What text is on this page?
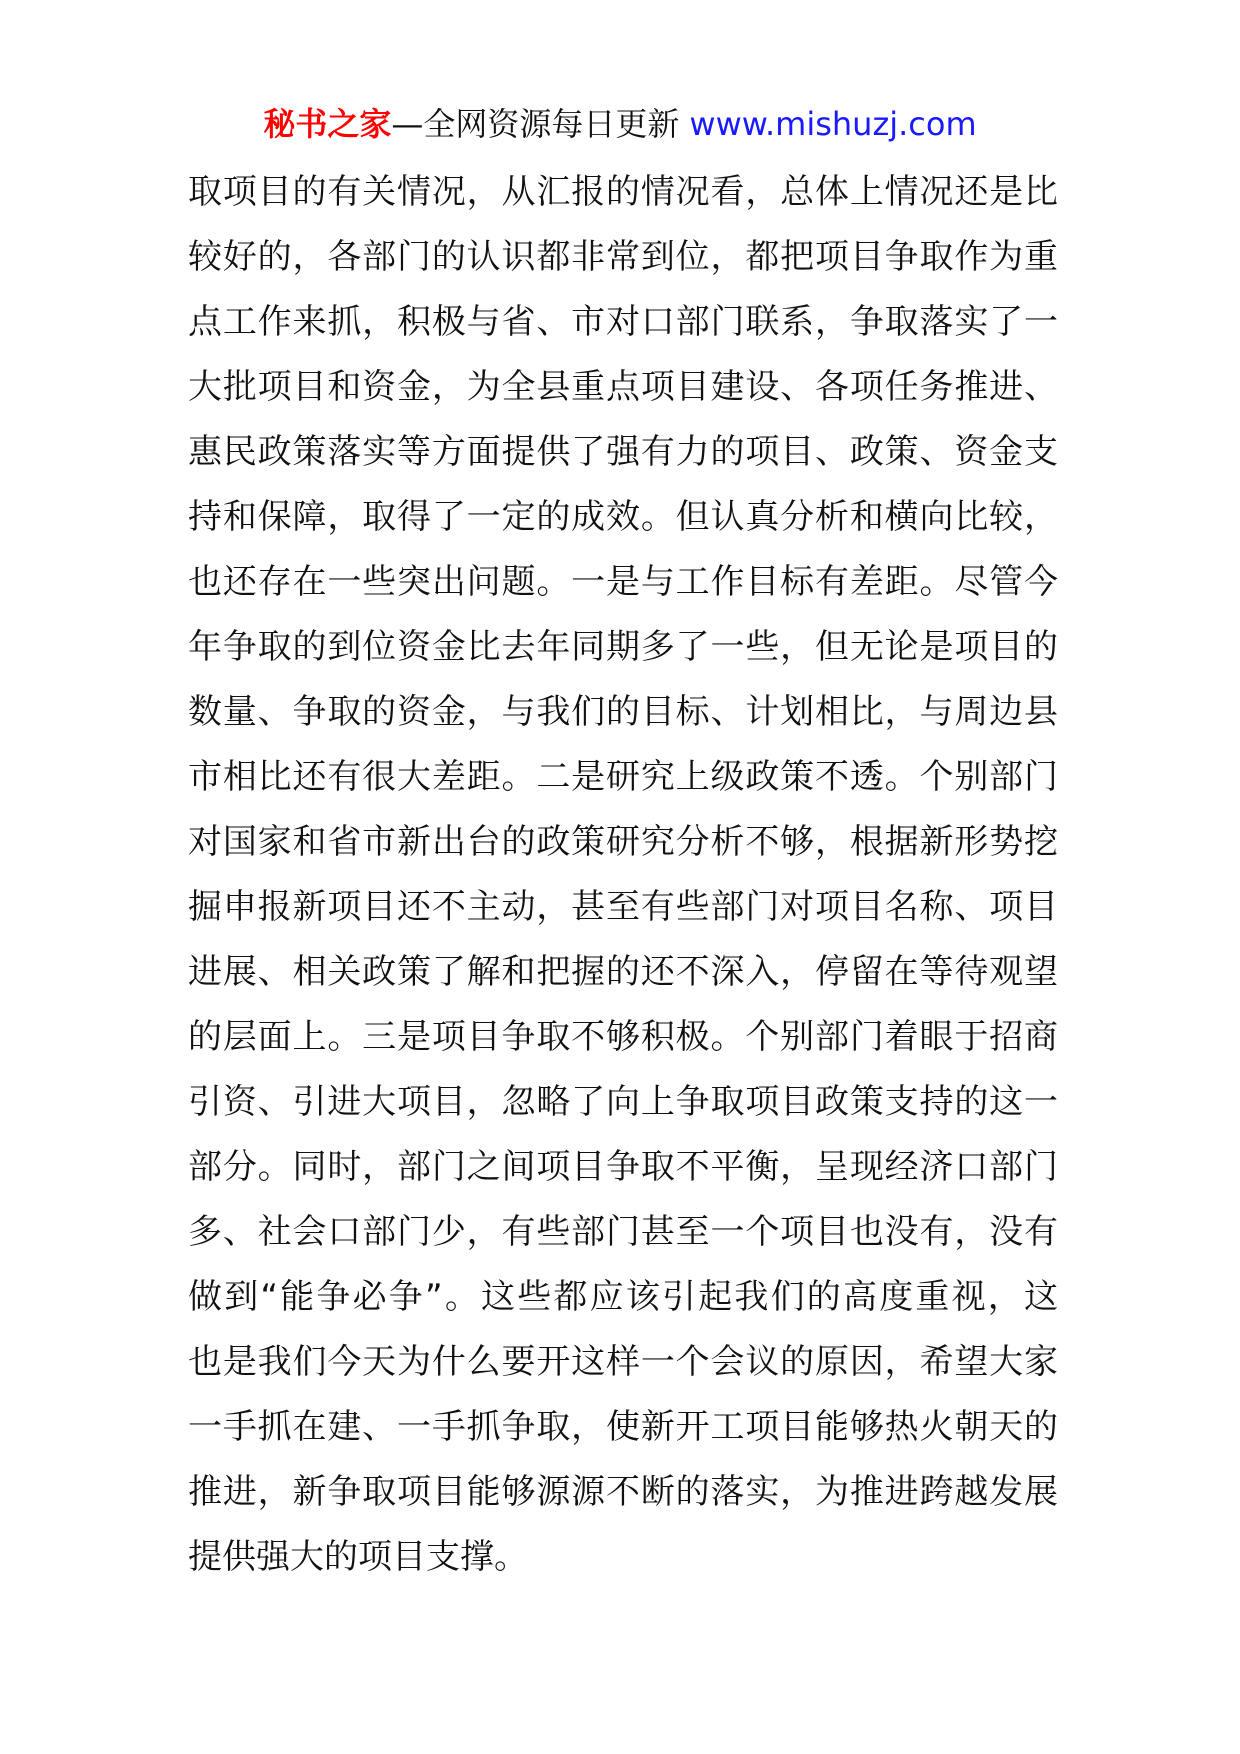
秘书之家—全网资源每日更新 www.mishuzj.com
取项目的有关情况，从汇报的情况看，总体上情况还是比
较好的，各部门的认识都非常到位，都把项目争取作为重
点工作来抓，积极与省、市对口部门联系，争取落实了一
大批项目和资金，为全县重点项目建设、各项任务推进、
惠民政策落实等方面提供了强有力的项目、政策、资金支
持和保障，取得了一定的成效。但认真分析和横向比较，
也还存在一些突出问题。一是与工作目标有差距。尽管今
年争取的到位资金比去年同期多了一些，但无论是项目的
数量、争取的资金，与我们的目标、计划相比，与周边县
市相比还有很大差距。二是研究上级政策不透。个别部门
对国家和省市新出台的政策研究分析不够，根据新形势挖
掘申报新项目还不主动，甚至有些部门对项目名称、项目
进展、相关政策了解和把握的还不深入，停留在等待观望
的层面上。三是项目争取不够积极。个别部门着眼于招商
引资、引进大项目，忽略了向上争取项目政策支持的这一
部分。同时，部门之间项目争取不平衡，呈现经济口部门
多、社会口部门少，有些部门甚至一个项目也没有，没有
做到“能争必争”。这些都应该引起我们的高度重视，这
也是我们今天为什么要开这样一个会议的原因，希望大家
一手抓在建、一手抓争取，使新开工项目能够热火朝天的
推进，新争取项目能够源源不断的落实，为推进跨越发展
提供强大的项目支撑。
